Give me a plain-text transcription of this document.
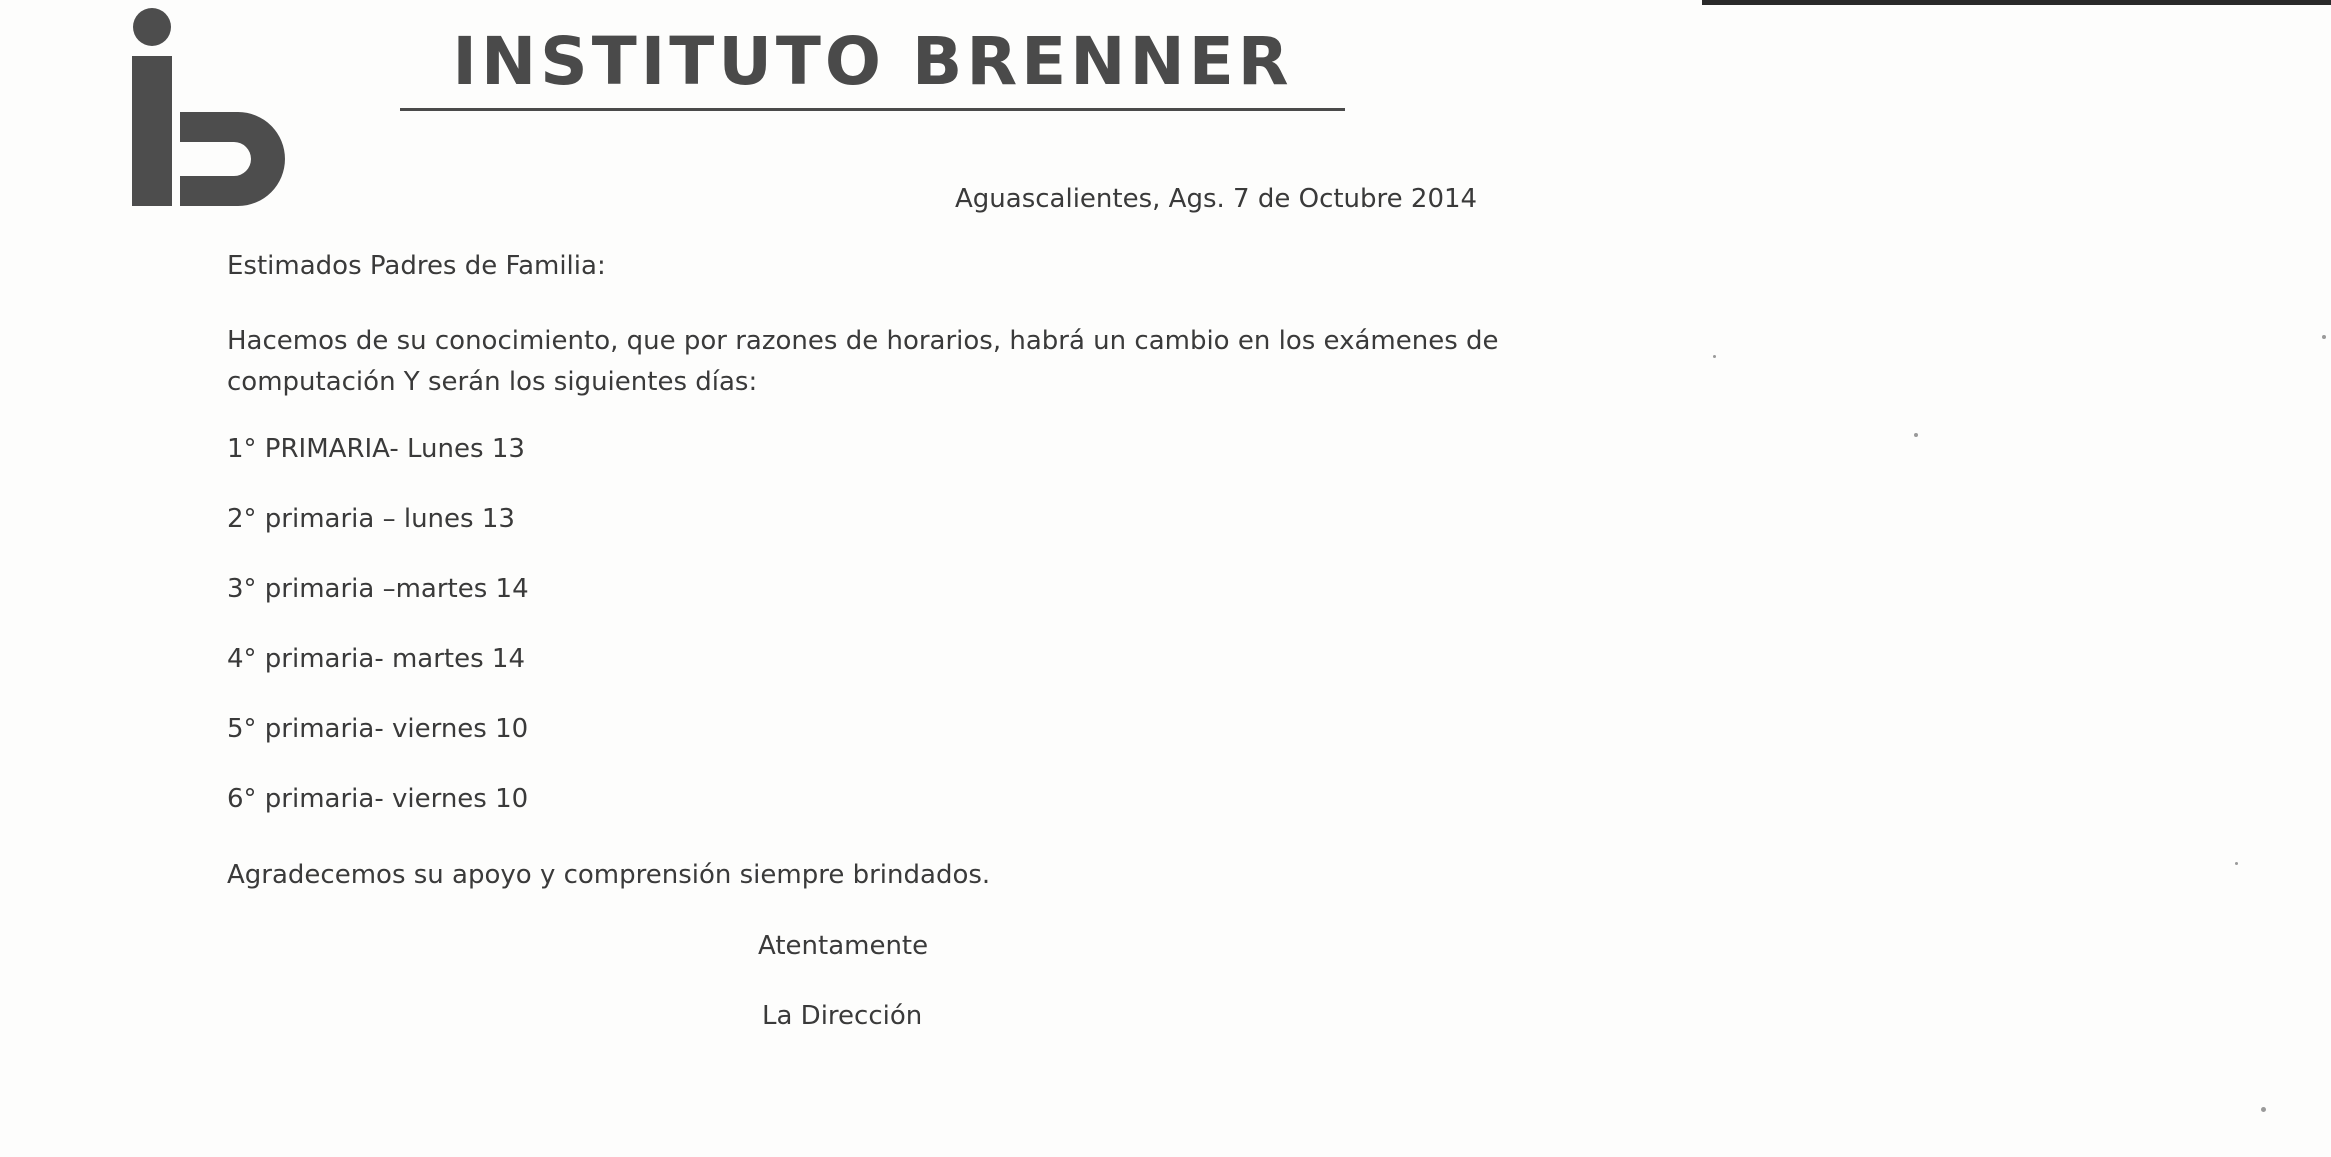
INSTITUTO BRENNER
Aguascalientes, Ags. 7 de Octubre 2014
Estimados Padres de Familia:
Hacemos de su conocimiento, que por razones de horarios, habrá un cambio en los exámenes de
computación Y serán los siguientes días:
1° PRIMARIA- Lunes 13
2° primaria – lunes 13
3° primaria –martes 14
4° primaria- martes 14
5° primaria- viernes 10
6° primaria- viernes 10
Agradecemos su apoyo y comprensión siempre brindados.
Atentamente
La Dirección
